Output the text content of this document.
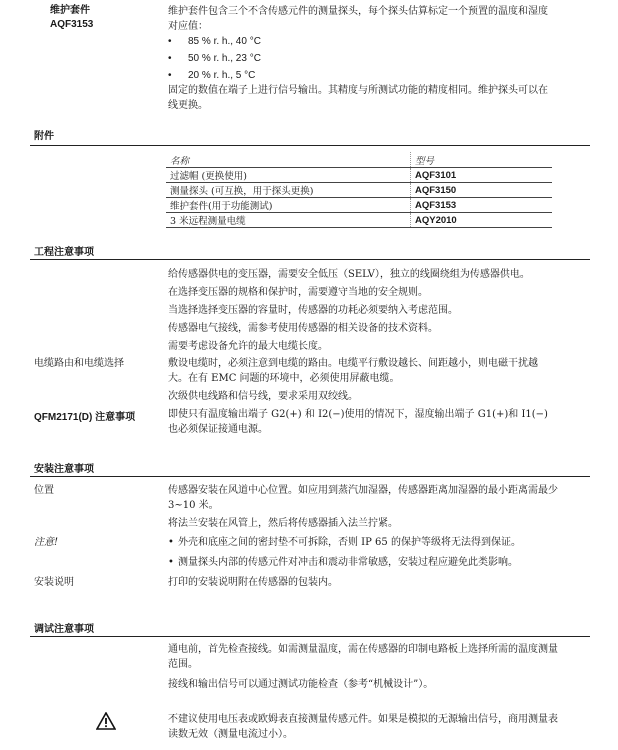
维护套件
AQF3153
维护套件包含三个不含传感元件的测量探头，每个探头估算标定一个预置的温度和湿度对应值：
• 85 % r. h., 40 °C
• 50 % r. h., 23 °C
• 20 % r. h., 5 °C
固定的数值在端子上进行信号输出。其精度与所测试功能的精度相同。维护探头可以在线更换。
附件
名称	型号
过滤帽 (更换使用)	AQF3101
测量探头 (可互换，用于探头更换)	AQF3150
维护套件(用于功能测试)	AQF3153
3 米远程测量电缆	AQY2010
工程注意事项
给传感器供电的变压器，需要安全低压（SELV），独立的线圈绕组为传感器供电。
在选择变压器的规格和保护时，需要遵守当地的安全规则。
当选择选择变压器的容量时，传感器的功耗必须要纳入考虑范围。
传感器电气接线，需参考使用传感器的相关设备的技术资料。
需要考虑设备允许的最大电缆长度。
电缆路由和电缆选择	敷设电缆时，必须注意到电缆的路由。电缆平行敷设越长、间距越小，则电磁干扰越大。在有 EMC 问题的环境中，必须使用屏蔽电缆。
次级供电线路和信号线，要求采用双绞线。
QFM2171(D) 注意事项	即使只有温度输出端子 G2(+) 和 I2(−)使用的情况下，湿度输出端子 G1(+)和 I1(−)也必须保证接通电源。
安装注意事项
位置	传感器安装在风道中心位置。如应用到蒸汽加湿器，传感器距离加湿器的最小距离需最少 3~10 米。
将法兰安装在风管上，然后将传感器插入法兰拧紧。
注意!	• 外壳和底座之间的密封垫不可拆除，否则 IP 65 的保护等级将无法得到保证。
• 测量探头内部的传感元件对冲击和震动非常敏感，安装过程应避免此类影响。
安装说明	打印的安装说明附在传感器的包装内。
调试注意事项
通电前，首先检查接线。如需测量温度，需在传感器的印制电路板上选择所需的温度测量范围。
接线和输出信号可以通过测试功能检查（参考“机械设计”）。
不建议使用电压表或欧姆表直接测量传感元件。如果是模拟的无源输出信号，商用测量表读数无效（测量电流过小）。
